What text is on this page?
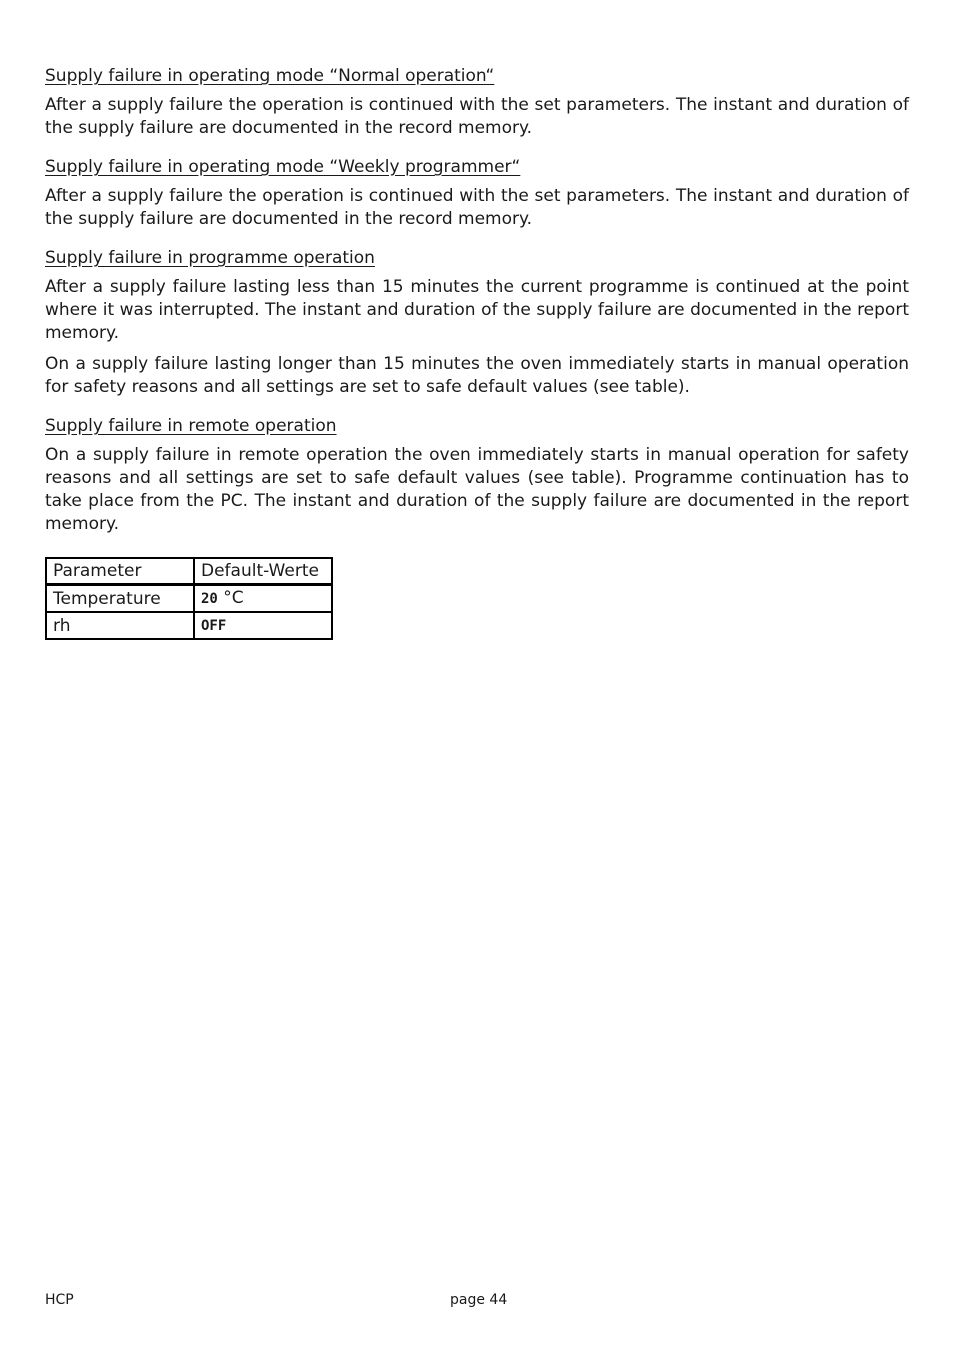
Supply failure in operating mode “Normal operation“

After a supply failure the operation is continued with the set parameters. The instant and duration of the supply failure are documented in the record memory.

Supply failure in operating mode “Weekly programmer“

After a supply failure the operation is continued with the set parameters. The instant and duration of the supply failure are documented in the record memory.

Supply failure in programme operation

After a supply failure lasting less than 15 minutes the current programme is continued at the point where it was interrupted. The instant and duration of the supply failure are documented in the report memory.

On a supply failure lasting longer than 15 minutes the oven immediately starts in manual operation for safety reasons and all settings are set to safe default values (see table).

Supply failure in remote operation

On a supply failure in remote operation the oven immediately starts in manual operation for safety reasons and all settings are set to safe default values (see table). Programme continuation has to take place from the PC. The instant and duration of the supply failure are documented in the report memory.

Parameter	Default-Werte
Temperature	20 °C
rh	OFF
HCP	page 44
